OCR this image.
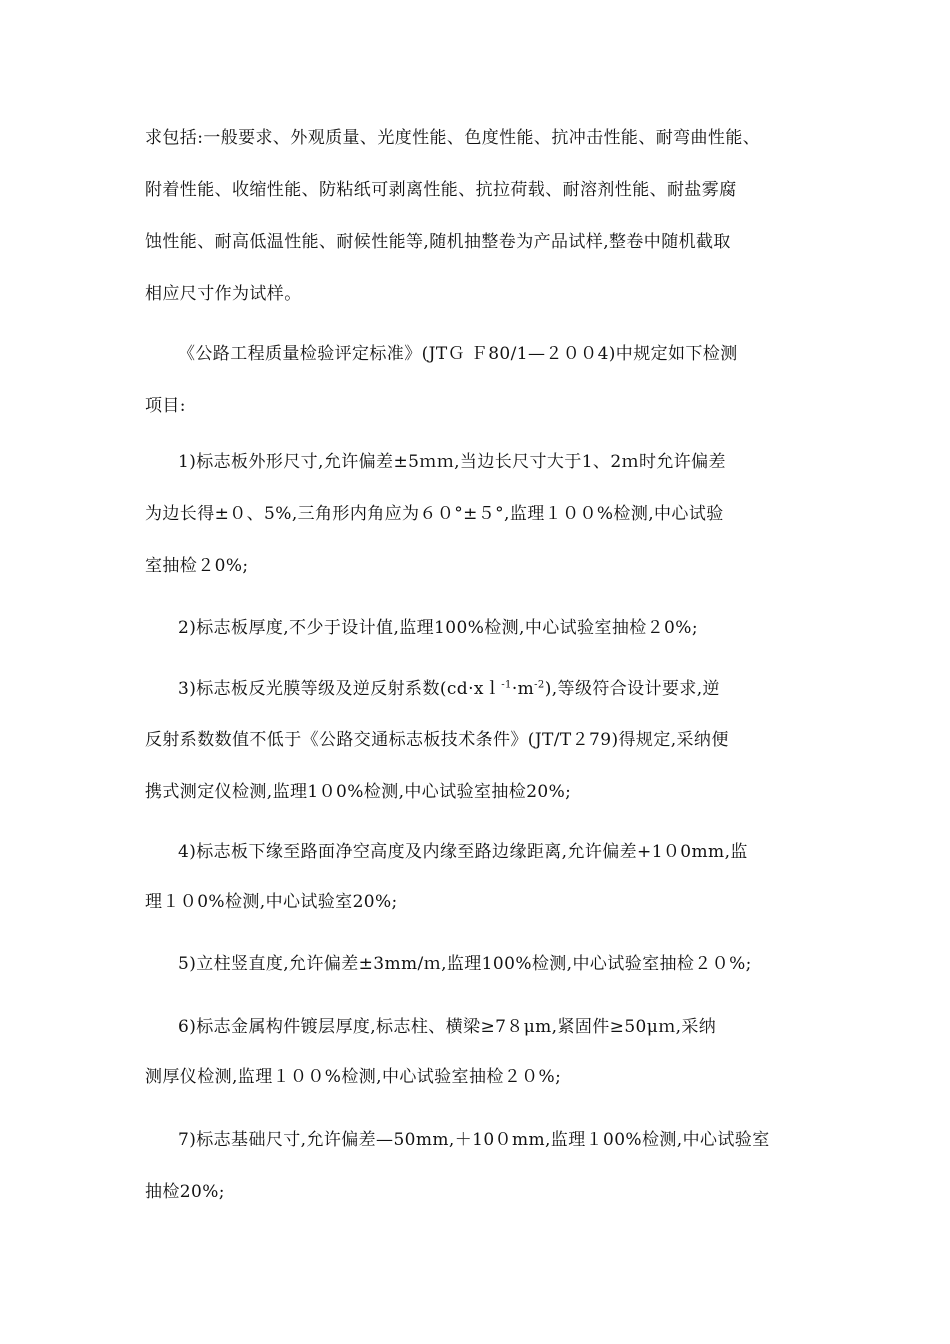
求包括:一般要求、外观质量、光度性能、色度性能、抗冲击性能、耐弯曲性能、
附着性能、收缩性能、防粘纸可剥离性能、抗拉荷载、耐溶剂性能、耐盐雾腐
蚀性能、耐高低温性能、耐候性能等,随机抽整卷为产品试样,整卷中随机截取
相应尺寸作为试样。
《公路工程质量检验评定标准》(JTＧ Ｆ80/1—２００4)中规定如下检测
项目:
1)标志板外形尺寸,允许偏差±5ｍｍ,当边长尺寸大于1、2ｍ时允许偏差
为边长得±０、5%,三角形内角应为６０°±５°,监理１００%检测,中心试验
室抽检２0%;
2)标志板厚度,不少于设计值,监理100%检测,中心试验室抽检２0%;
3)标志板反光膜等级及逆反射系数$(cd\cdot xl^{-1}\cdot m^{-2})$,等级符合设计要求,逆
反射系数数值不低于《公路交通标志板技术条件》(JT/T２79)得规定,采纳便
携式测定仪检测,监理1０0%检测,中心试验室抽检20%;
4)标志板下缘至路面净空高度及内缘至路边缘距离,允许偏差+1０0mm,监
理１０0%检测,中心试验室20%;
5)立柱竖直度,允许偏差±3mm/ｍ,监理100%检测,中心试验室抽检２０%;
6)标志金属构件镀层厚度,标志柱、横梁≥7８μm,紧固件≥50μｍ,采纳
测厚仪检测,监理１００%检测,中心试验室抽检２０%;
7)标志基础尺寸,允许偏差—50mm,＋10０mm,监理１00%检测,中心试验室
抽检20%;
